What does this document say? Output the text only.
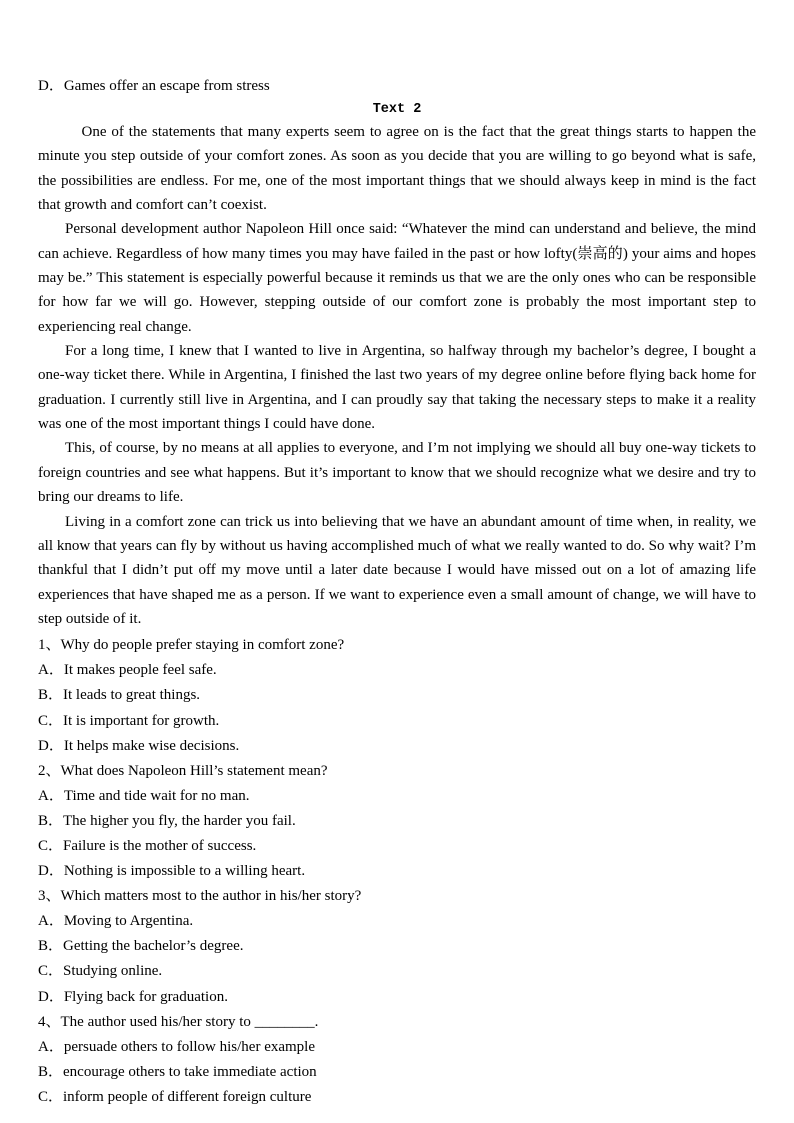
D．Games offer an escape from stress
Text 2

One of the statements that many experts seem to agree on is the fact that the great things starts to happen the minute you step outside of your comfort zones. As soon as you decide that you are willing to go beyond what is safe, the possibilities are endless. For me, one of the most important things that we should always keep in mind is the fact that growth and comfort can’t coexist.

Personal development author Napoleon Hill once said: “Whatever the mind can understand and believe, the mind can achieve. Regardless of how many times you may have failed in the past or how lofty(崇高的) your aims and hopes may be.” This statement is especially powerful because it reminds us that we are the only ones who can be responsible for how far we will go. However, stepping outside of our comfort zone is probably the most important step to experiencing real change.

For a long time, I knew that I wanted to live in Argentina, so halfway through my bachelor’s degree, I bought a one-way ticket there. While in Argentina, I finished the last two years of my degree online before flying back home for graduation. I currently still live in Argentina, and I can proudly say that taking the necessary steps to make it a reality was one of the most important things I could have done.

This, of course, by no means at all applies to everyone, and I’m not implying we should all buy one-way tickets to foreign countries and see what happens. But it’s important to know that we should recognize what we desire and try to bring our dreams to life.

Living in a comfort zone can trick us into believing that we have an abundant amount of time when, in reality, we all know that years can fly by without us having accomplished much of what we really wanted to do. So why wait? I’m thankful that I didn’t put off my move until a later date because I would have missed out on a lot of amazing life experiences that have shaped me as a person. If we want to experience even a small amount of change, we will have to step outside of it.

1、Why do people prefer staying in comfort zone?
A．It makes people feel safe.
B．It leads to great things.
C．It is important for growth.
D．It helps make wise decisions.
2、What does Napoleon Hill’s statement mean?
A．Time and tide wait for no man.
B．The higher you fly, the harder you fail.
C．Failure is the mother of success.
D．Nothing is impossible to a willing heart.
3、Which matters most to the author in his/her story?
A．Moving to Argentina.
B．Getting the bachelor’s degree.
C．Studying online.
D．Flying back for graduation.
4、The author used his/her story to ________.
A．persuade others to follow his/her example
B．encourage others to take immediate action
C．inform people of different foreign culture
